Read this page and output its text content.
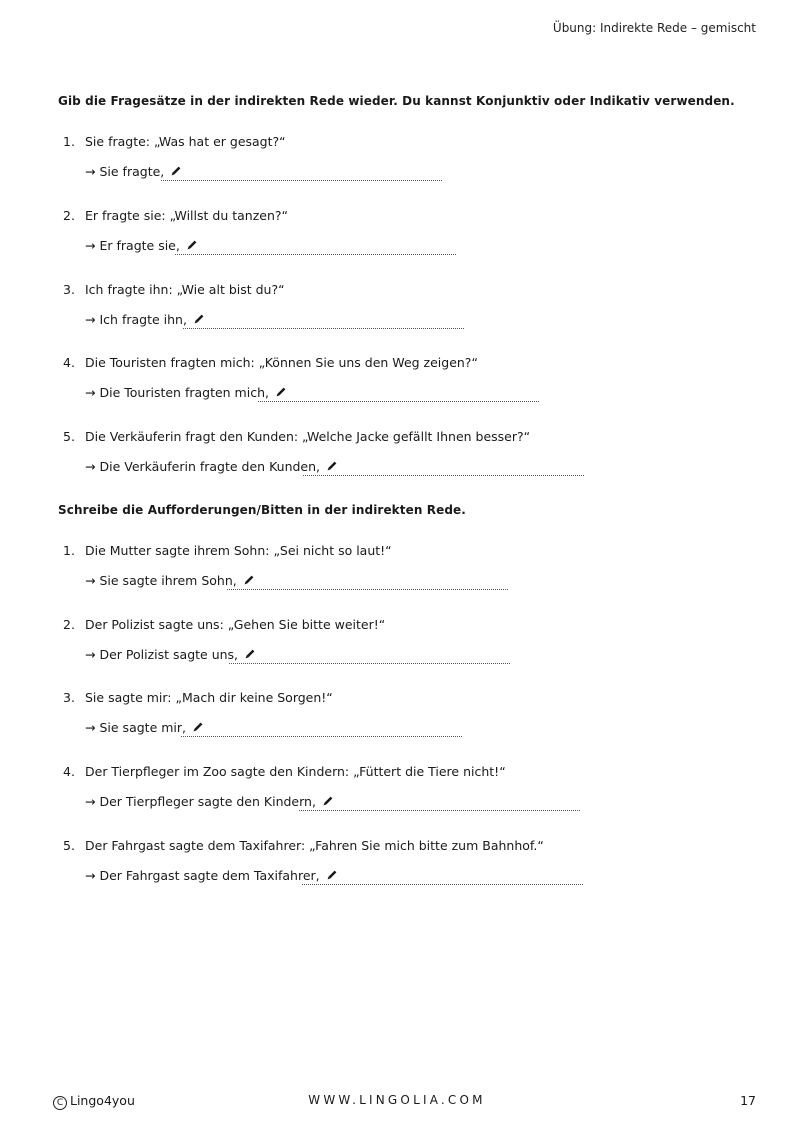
Übung: Indirekte Rede – gemischt
Gib die Fragesätze in der indirekten Rede wieder. Du kannst Konjunktiv oder Indikativ verwenden.
1. Sie fragte: „Was hat er gesagt?“
→ Sie fragte,
2. Er fragte sie: „Willst du tanzen?“
→ Er fragte sie,
3. Ich fragte ihn: „Wie alt bist du?“
→ Ich fragte ihn,
4. Die Touristen fragten mich: „Können Sie uns den Weg zeigen?“
→ Die Touristen fragten mich,
5. Die Verkäuferin fragt den Kunden: „Welche Jacke gefällt Ihnen besser?“
→ Die Verkäuferin fragte den Kunden,
Schreibe die Aufforderungen/Bitten in der indirekten Rede.
1. Die Mutter sagte ihrem Sohn: „Sei nicht so laut!“
→ Sie sagte ihrem Sohn,
2. Der Polizist sagte uns: „Gehen Sie bitte weiter!“
→ Der Polizist sagte uns,
3. Sie sagte mir: „Mach dir keine Sorgen!“
→ Sie sagte mir,
4. Der Tierpfleger im Zoo sagte den Kindern: „Füttert die Tiere nicht!“
→ Der Tierpfleger sagte den Kindern,
5. Der Fahrgast sagte dem Taxifahrer: „Fahren Sie mich bitte zum Bahnhof.“
→ Der Fahrgast sagte dem Taxifahrer,
C Lingo4you	WWW.LINGOLIA.COM	17
